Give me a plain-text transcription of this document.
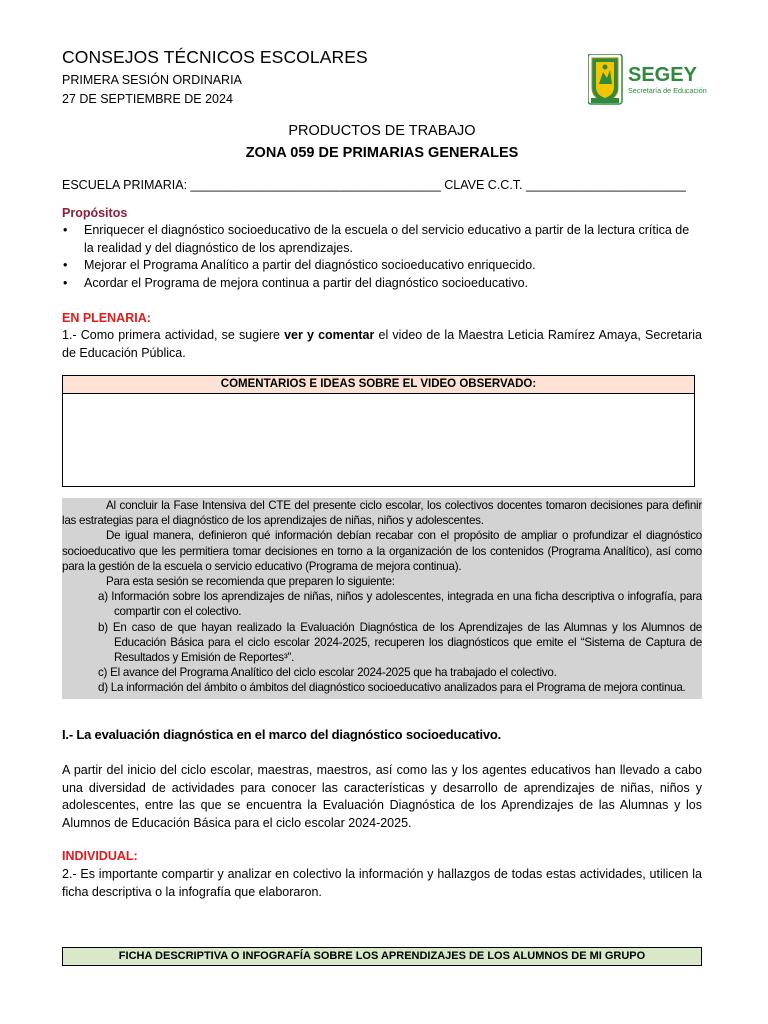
CONSEJOS TÉCNICOS ESCOLARES
PRIMERA SESIÓN ORDINARIA
27 DE SEPTIEMBRE DE 2024
SEGEY
Secretaría de Educación
PRODUCTOS DE TRABAJO
ZONA 059 DE PRIMARIAS GENERALES
ESCUELA PRIMARIA: ____________________________________ CLAVE C.C.T. _______________________
Propósitos
• Enriquecer el diagnóstico socioeducativo de la escuela o del servicio educativo a partir de la lectura crítica de la realidad y del diagnóstico de los aprendizajes.
• Mejorar el Programa Analítico a partir del diagnóstico socioeducativo enriquecido.
• Acordar el Programa de mejora continua a partir del diagnóstico socioeducativo.
EN PLENARIA:
1.- Como primera actividad, se sugiere ver y comentar el video de la Maestra Leticia Ramírez Amaya, Secretaria de Educación Pública.
COMENTARIOS E IDEAS SOBRE EL VIDEO OBSERVADO:

Al concluir la Fase Intensiva del CTE del presente ciclo escolar, los colectivos docentes tomaron decisiones para definir las estrategias para el diagnóstico de los aprendizajes de niñas, niños y adolescentes.

De igual manera, definieron qué información debían recabar con el propósito de ampliar o profundizar el diagnóstico socioeducativo que les permitiera tomar decisiones en torno a la organización de los contenidos (Programa Analítico), así como para la gestión de la escuela o servicio educativo (Programa de mejora continua).

Para esta sesión se recomienda que preparen lo siguiente:

a) Información sobre los aprendizajes de niñas, niños y adolescentes, integrada en una ficha descriptiva o infografía, para compartir con el colectivo.

b) En caso de que hayan realizado la Evaluación Diagnóstica de los Aprendizajes de las Alumnas y los Alumnos de Educación Básica para el ciclo escolar 2024-2025, recuperen los diagnósticos que emite el “Sistema de Captura de Resultados y Emisión de Reportes³”.

c) El avance del Programa Analítico del ciclo escolar 2024-2025 que ha trabajado el colectivo.

d) La información del ámbito o ámbitos del diagnóstico socioeducativo analizados para el Programa de mejora continua.

I.- La evaluación diagnóstica en el marco del diagnóstico socioeducativo.
A partir del inicio del ciclo escolar, maestras, maestros, así como las y los agentes educativos han llevado a cabo una diversidad de actividades para conocer las características y desarrollo de aprendizajes de niñas, niños y adolescentes, entre las que se encuentra la Evaluación Diagnóstica de los Aprendizajes de las Alumnas y los Alumnos de Educación Básica para el ciclo escolar 2024-2025.
INDIVIDUAL:
2.- Es importante compartir y analizar en colectivo la información y hallazgos de todas estas actividades, utilicen la ficha descriptiva o la infografía que elaboraron.
FICHA DESCRIPTIVA O INFOGRAFÍA SOBRE LOS APRENDIZAJES DE LOS ALUMNOS DE MI GRUPO
